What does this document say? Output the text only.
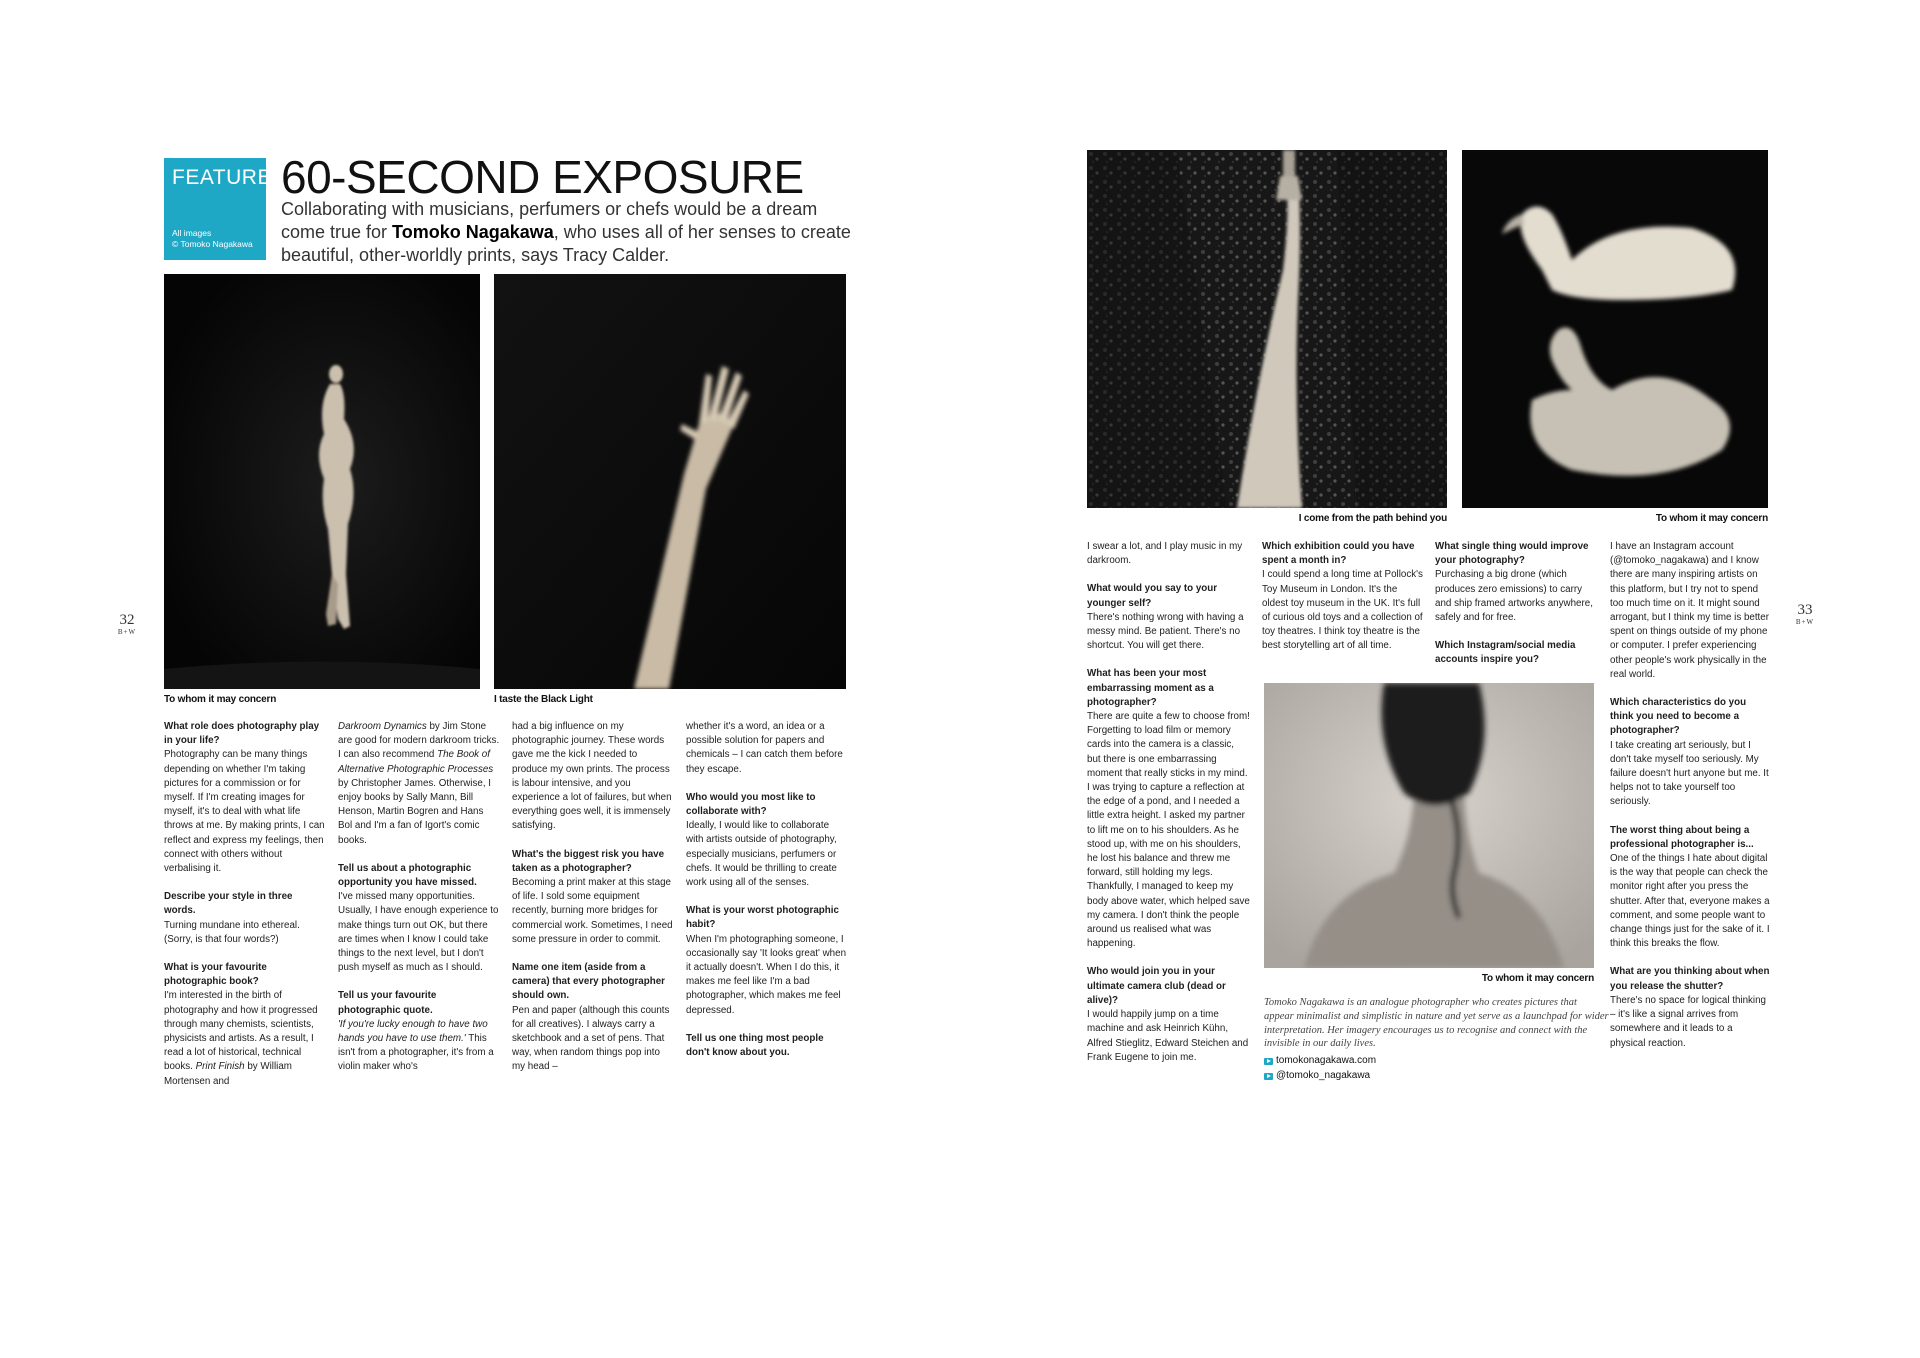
FEATURE
All images
© Tomoko Nagakawa
60-SECOND EXPOSURE
Collaborating with musicians, perfumers or chefs would be a dream come true for Tomoko Nagakawa, who uses all of her senses to create beautiful, other-worldly prints, says Tracy Calder.
To whom it may concern	I taste the Black Light
32
B+W

What role does photography play in your life?
Photography can be many things depending on whether I'm taking pictures for a commission or for myself. If I'm creating images for myself, it's to deal with what life throws at me. By making prints, I can reflect and express my feelings, then connect with others without verbalising it.

Describe your style in three words.
Turning mundane into ethereal. (Sorry, is that four words?)

What is your favourite photographic book?
I'm interested in the birth of photography and how it progressed through many chemists, scientists, physicists and artists. As a result, I read a lot of historical, technical books. Print Finish by William Mortensen and

Darkroom Dynamics by Jim Stone are good for modern darkroom tricks. I can also recommend The Book of Alternative Photographic Processes by Christopher James. Otherwise, I enjoy books by Sally Mann, Bill Henson, Martin Bogren and Hans Bol and I'm a fan of Igort's comic books.

Tell us about a photographic opportunity you have missed.
I've missed many opportunities. Usually, I have enough experience to make things turn out OK, but there are times when I know I could take things to the next level, but I don't push myself as much as I should.

Tell us your favourite photographic quote.
'If you're lucky enough to have two hands you have to use them.' This isn't from a photographer, it's from a violin maker who's

had a big influence on my photographic journey. These words gave me the kick I needed to produce my own prints. The process is labour intensive, and you experience a lot of failures, but when everything goes well, it is immensely satisfying.

What's the biggest risk you have taken as a photographer?
Becoming a print maker at this stage of life. I sold some equipment recently, burning more bridges for commercial work. Sometimes, I need some pressure in order to commit.

Name one item (aside from a camera) that every photographer should own.
Pen and paper (although this counts for all creatives). I always carry a sketchbook and a set of pens. That way, when random things pop into my head –

whether it's a word, an idea or a possible solution for papers and chemicals – I can catch them before they escape.

Who would you most like to collaborate with?
Ideally, I would like to collaborate with artists outside of photography, especially musicians, perfumers or chefs. It would be thrilling to create work using all of the senses.

What is your worst photographic habit?
When I'm photographing someone, I occasionally say 'It looks great' when it actually doesn't. When I do this, it makes me feel like I'm a bad photographer, which makes me feel depressed.

Tell us one thing most people don't know about you.

I come from the path behind you	To whom it may concern
33
B+W

I swear a lot, and I play music in my darkroom.

What would you say to your younger self?
There's nothing wrong with having a messy mind. Be patient. There's no shortcut. You will get there.

What has been your most embarrassing moment as a photographer?
There are quite a few to choose from! Forgetting to load film or memory cards into the camera is a classic, but there is one embarrassing moment that really sticks in my mind. I was trying to capture a reflection at the edge of a pond, and I needed a little extra height. I asked my partner to lift me on to his shoulders. As he stood up, with me on his shoulders, he lost his balance and threw me forward, still holding my legs. Thankfully, I managed to keep my body above water, which helped save my camera. I don't think the people around us realised what was happening.

Who would join you in your ultimate camera club (dead or alive)?
I would happily jump on a time machine and ask Heinrich Kühn, Alfred Stieglitz, Edward Steichen and Frank Eugene to join me.

Which exhibition could you have spent a month in?
I could spend a long time at Pollock's Toy Museum in London. It's the oldest toy museum in the UK. It's full of curious old toys and a collection of toy theatres. I think toy theatre is the best storytelling art of all time.

What single thing would improve your photography?
Purchasing a big drone (which produces zero emissions) to carry and ship framed artworks anywhere, safely and for free.

Which Instagram/social media accounts inspire you?

I have an Instagram account (@tomoko_nagakawa) and I know there are many inspiring artists on this platform, but I try not to spend too much time on it. It might sound arrogant, but I think my time is better spent on things outside of my phone or computer. I prefer experiencing other people's work physically in the real world.

Which characteristics do you think you need to become a photographer?
I take creating art seriously, but I don't take myself too seriously. My failure doesn't hurt anyone but me. It helps not to take yourself too seriously.

The worst thing about being a professional photographer is...
One of the things I hate about digital is the way that people can check the monitor right after you press the shutter. After that, everyone makes a comment, and some people want to change things just for the sake of it. I think this breaks the flow.

What are you thinking about when you release the shutter?
There's no space for logical thinking – it's like a signal arrives from somewhere and it leads to a physical reaction.

To whom it may concern
Tomoko Nagakawa is an analogue photographer who creates pictures that appear minimalist and simplistic in nature and yet serve as a launchpad for wider interpretation. Her imagery encourages us to recognise and connect with the invisible in our daily lives.
tomokonagakawa.com
@tomoko_nagakawa
